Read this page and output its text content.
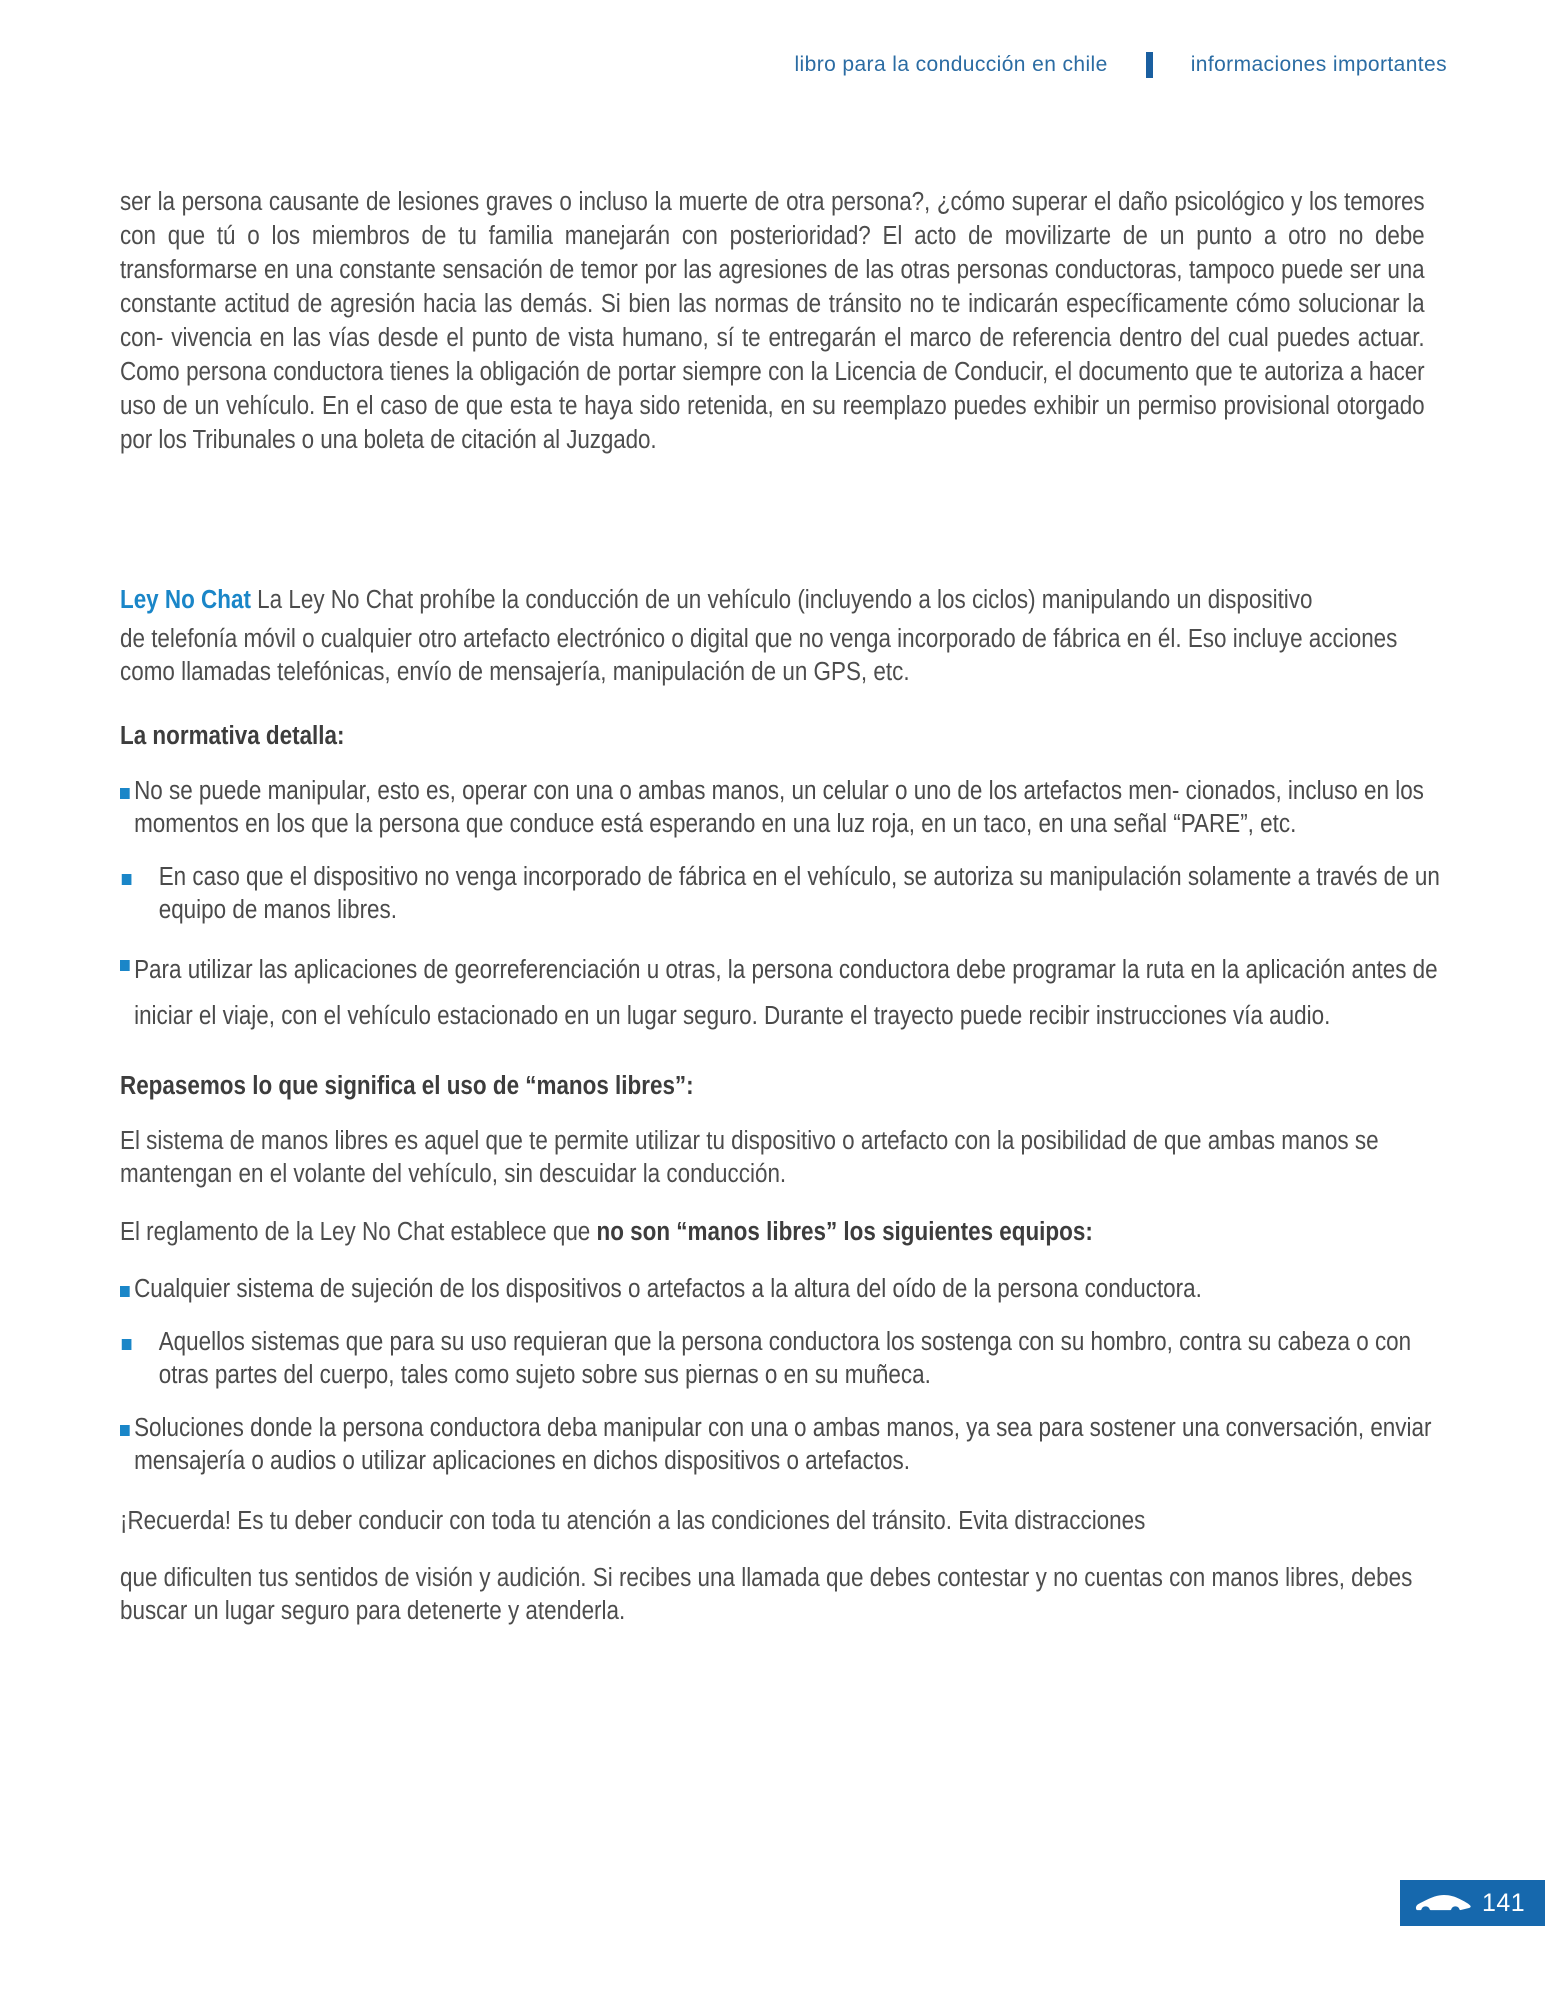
libro para la conducción en chile	informaciones importantes

ser la persona causante de lesiones graves o incluso la muerte de otra persona?, ¿cómo superar el daño psicológico y los temores con que tú o los miembros de tu familia manejarán con posterioridad? El acto de movilizarte de un punto a otro no debe transformarse en una constante sensación de temor por las agresiones de las otras personas conductoras, tampoco puede ser una constante actitud de agresión hacia las demás. Si bien las normas de tránsito no te indicarán específicamente cómo solucionar la con- vivencia en las vías desde el punto de vista humano, sí te entregarán el marco de referencia dentro del cual puedes actuar. Como persona conductora tienes la obligación de portar siempre con la Licencia de Conducir, el documento que te autoriza a hacer uso de un vehículo. En el caso de que esta te haya sido retenida, en su reemplazo puedes exhibir un permiso provisional otorgado por los Tribunales o una boleta de citación al Juzgado.

Ley No Chat La Ley No Chat prohíbe la conducción de un vehículo (incluyendo a los ciclos) manipulando un dispositivo

de telefonía móvil o cualquier otro artefacto electrónico o digital que no venga incorporado de fábrica en él. Eso incluye acciones como llamadas telefónicas, envío de mensajería, manipulación de un GPS, etc.

La normativa detalla:
No se puede manipular, esto es, operar con una o ambas manos, un celular o uno de los artefactos men- cionados, incluso en los momentos en los que la persona que conduce está esperando en una luz roja, en un taco, en una señal “PARE”, etc.
En caso que el dispositivo no venga incorporado de fábrica en el vehículo, se autoriza su manipulación solamente a través de un equipo de manos libres.
Para utilizar las aplicaciones de georreferenciación u otras, la persona conductora debe programar la ruta en la aplicación antes de iniciar el viaje, con el vehículo estacionado en un lugar seguro. Durante el trayecto puede recibir instrucciones vía audio.
Repasemos lo que significa el uso de “manos libres”:

El sistema de manos libres es aquel que te permite utilizar tu dispositivo o artefacto con la posibilidad de que ambas manos se mantengan en el volante del vehículo, sin descuidar la conducción.

El reglamento de la Ley No Chat establece que no son “manos libres” los siguientes equipos:

Cualquier sistema de sujeción de los dispositivos o artefactos a la altura del oído de la persona conductora.
Aquellos sistemas que para su uso requieran que la persona conductora los sostenga con su hombro, contra su cabeza o con otras partes del cuerpo, tales como sujeto sobre sus piernas o en su muñeca.
Soluciones donde la persona conductora deba manipular con una o ambas manos, ya sea para sostener una conversación, enviar mensajería o audios o utilizar aplicaciones en dichos dispositivos o artefactos.

¡Recuerda! Es tu deber conducir con toda tu atención a las condiciones del tránsito. Evita distracciones

que dificulten tus sentidos de visión y audición. Si recibes una llamada que debes contestar y no cuentas con manos libres, debes buscar un lugar seguro para detenerte y atenderla.

141
